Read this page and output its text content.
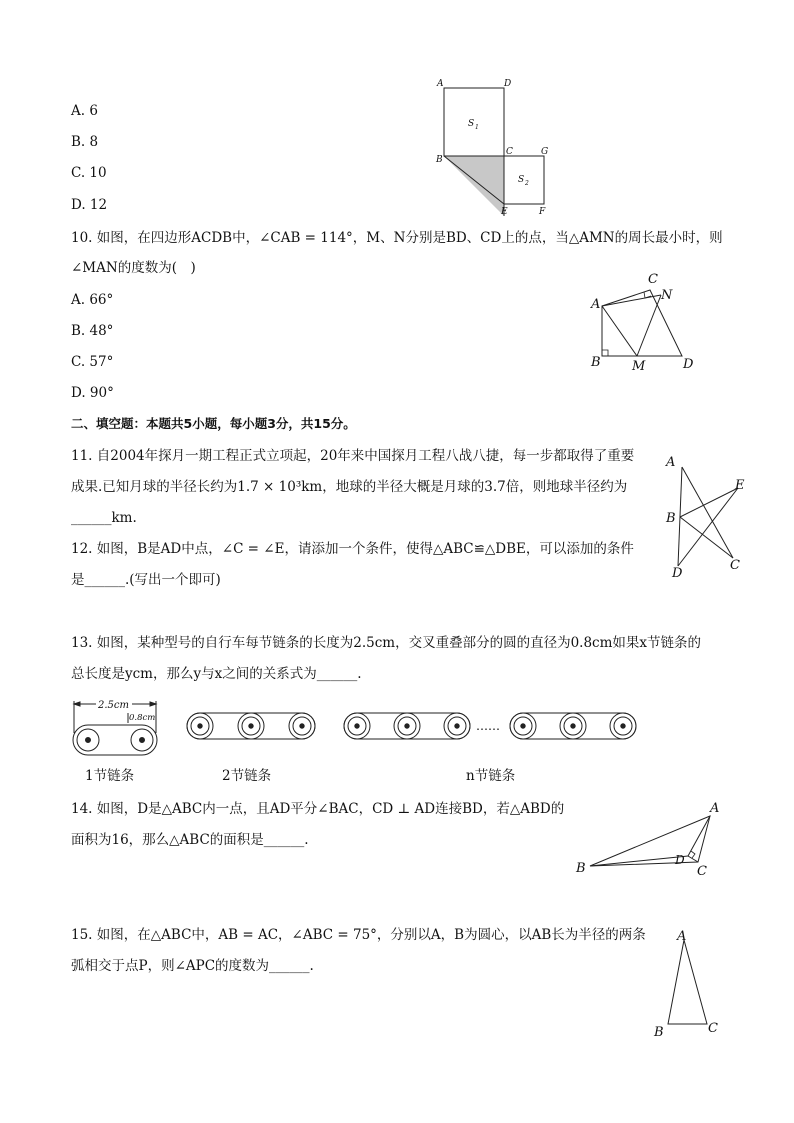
A. 6
B. 8
C. 10
D. 12
A	D
S 1
C	G
S 2
B
E	F
10. 如图，在四边形ACDB中，∠CAB = 114°，M、N分别是BD、CD上的点，当△AMN的周长最小时，则
∠MAN的度数为(　)
A. 66°
B. 48°
C. 57°
D. 90°
C
A
N
B M	D
二、填空题：本题共5小题，每小题3分，共15分。
11. 自2004年探月一期工程正式立项起，20年来中国探月工程八战八捷，每一步都取得了重要
成果.已知月球的半径长约为1.7 × 10³km，地球的半径大概是月球的3.7倍，则地球半径约为
______km.
12. 如图，B是AD中点，∠C = ∠E，请添加一个条件，使得△ABC≌△DBE，可以添加的条件
是______.(写出一个即可)
A
E
B
D
C
13. 如图，某种型号的自行车每节链条的长度为2.5cm，交叉重叠部分的圆的直径为0.8cm如果x节链条的
总长度是ycm，那么y与x之间的关系式为______.
2.5cm
0.8cm
……
1节链条	2节链条	n节链条
14. 如图，D是△ABC内一点，且AD平分∠BAC，CD ⊥ AD连接BD，若△ABD的
面积为16，那么△ABC的面积是______.
A
B
D
C
15. 如图，在△ABC中，AB = AC，∠ABC = 75°，分别以A，B为圆心，以AB长为半径的两条
弧相交于点P，则∠APC的度数为______.
A
B	C
